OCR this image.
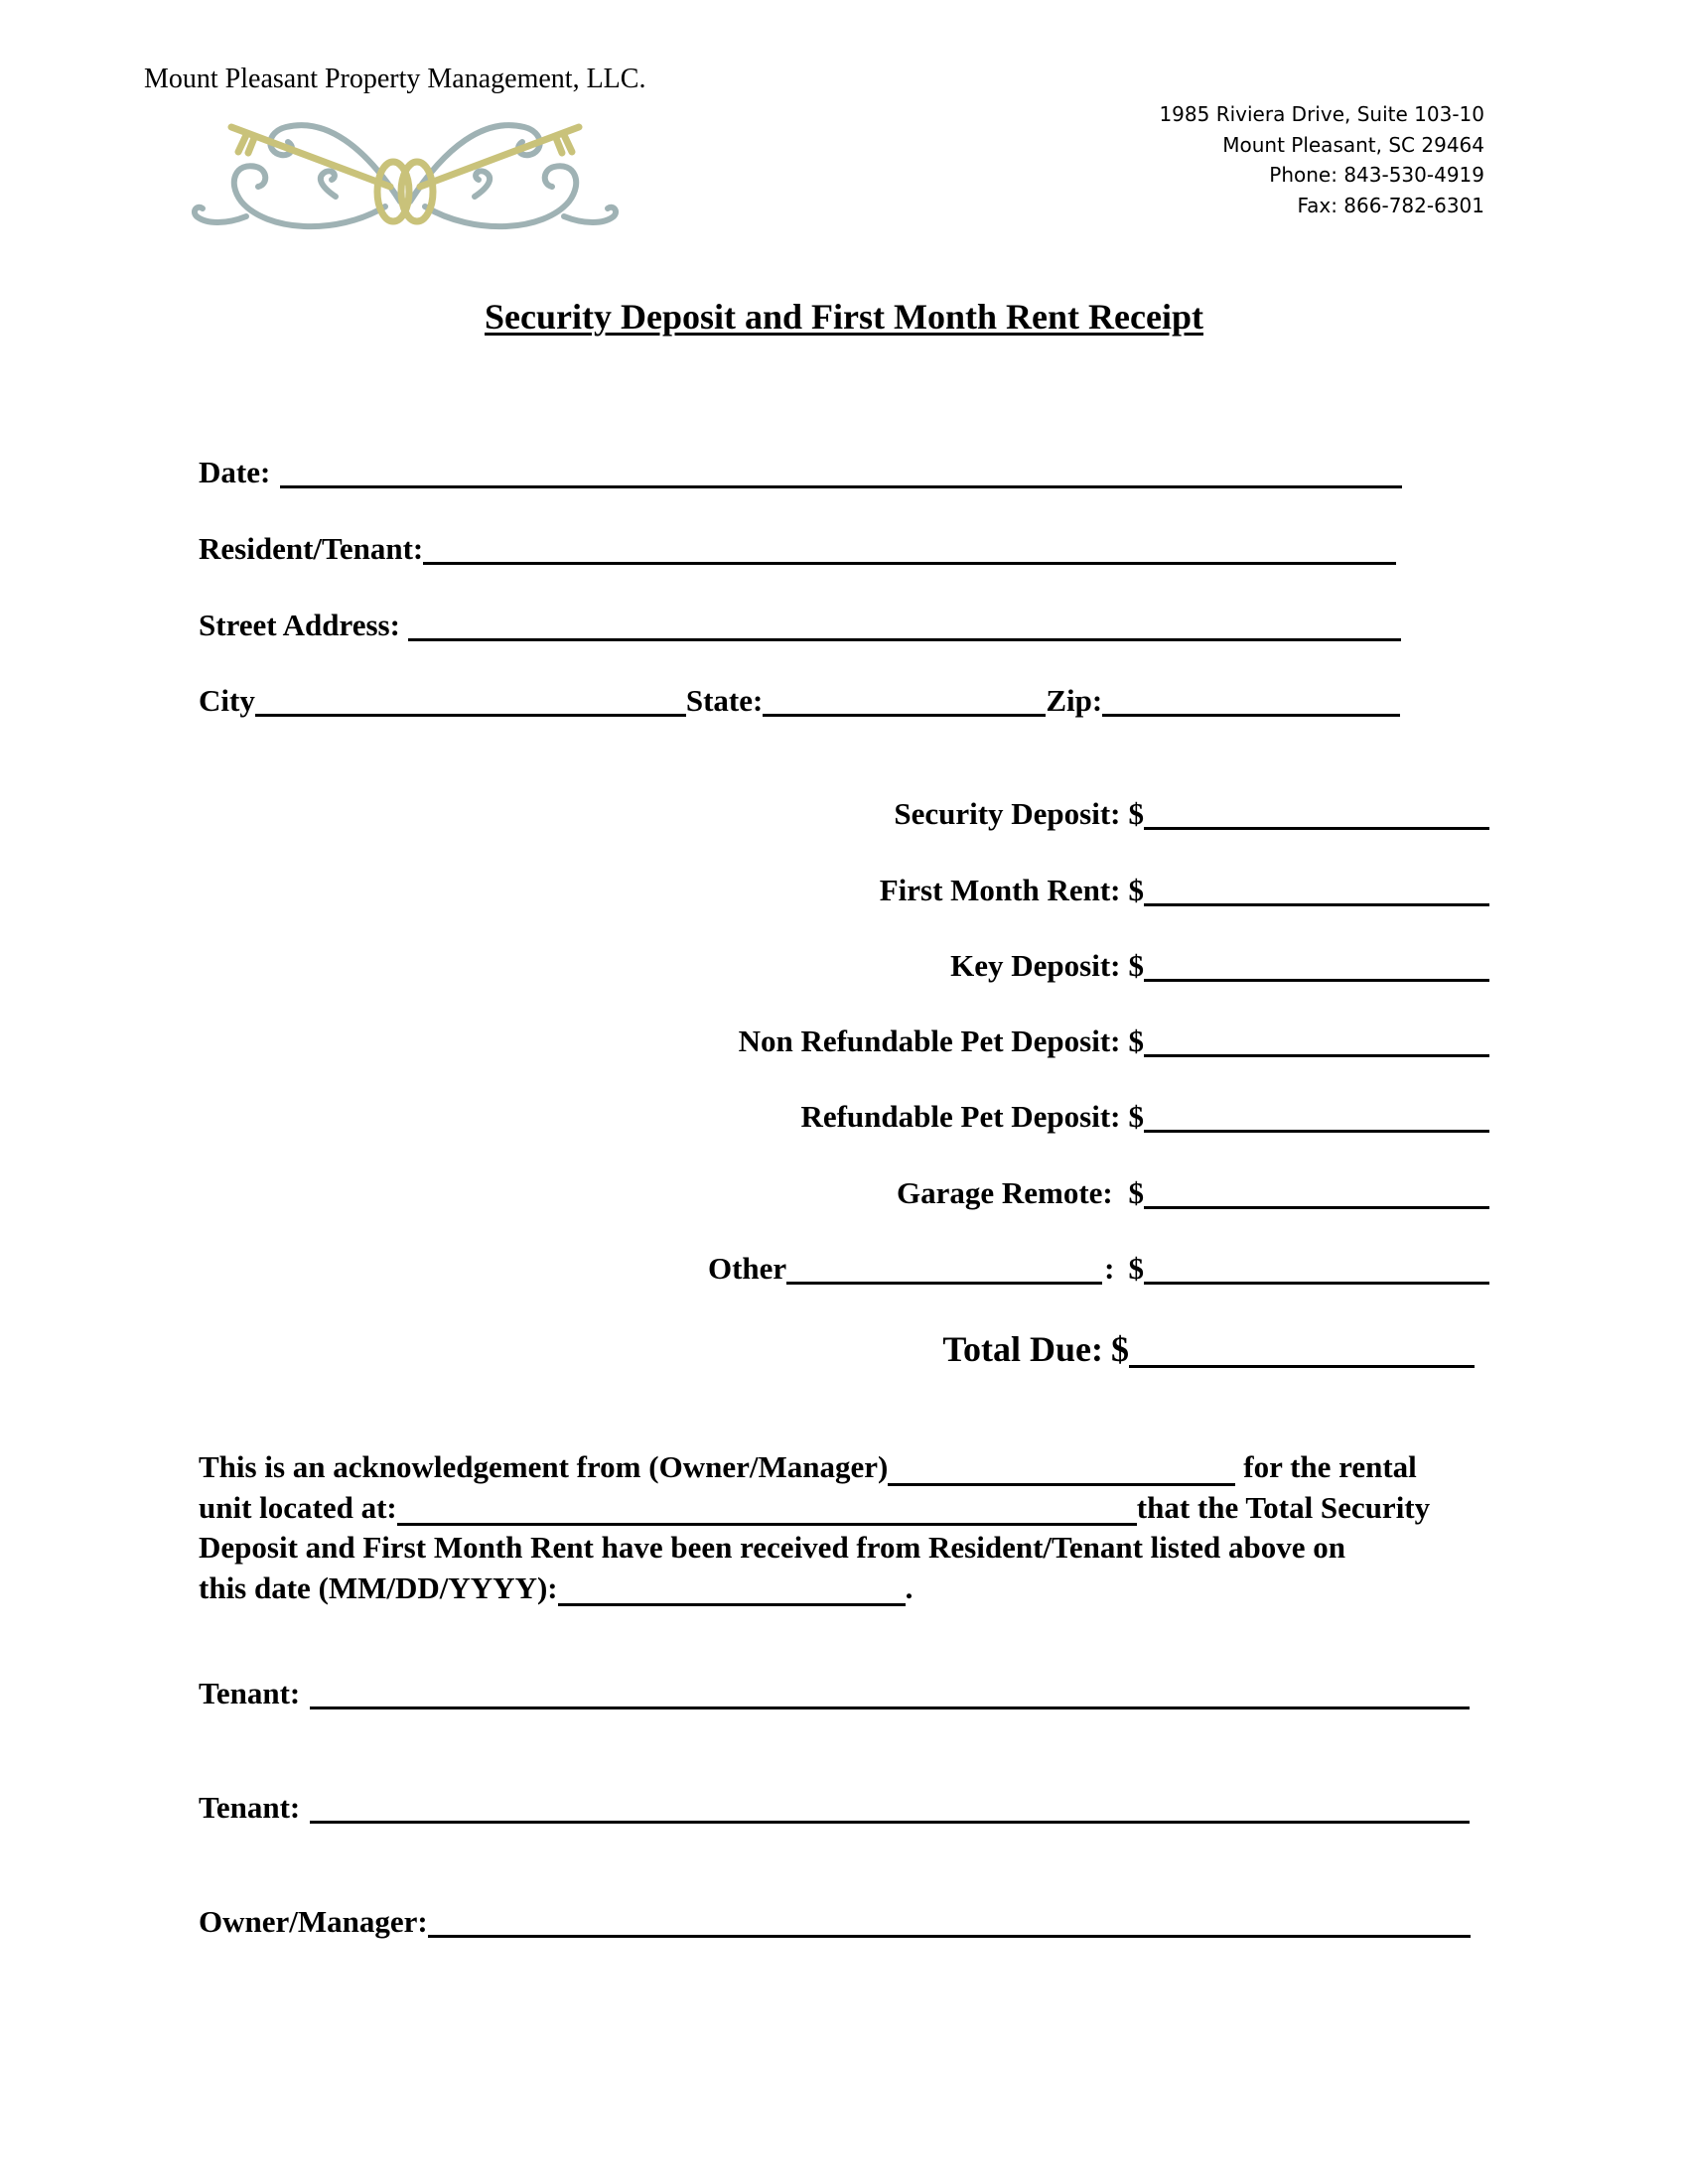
Mount Pleasant Property Management, LLC.
1985 Riviera Drive, Suite 103-10
Mount Pleasant, SC 29464
Phone: 843-530-4919
Fax: 866-782-6301
Security Deposit and First Month Rent Receipt
Date:
Resident/Tenant:
Street Address:
City	State:	Zip:
Security Deposit: $
First Month Rent: $
Key Deposit: $
Non Refundable Pet Deposit: $
Refundable Pet Deposit: $
Garage Remote: $
Other	: $
Total Due: $
This is an acknowledgement from (Owner/Manager)	for the rental
unit located at:	that the Total Security
Deposit and First Month Rent have been received from Resident/Tenant listed above on
this date (MM/DD/YYYY):	.
Tenant:
Tenant:
Owner/Manager:
